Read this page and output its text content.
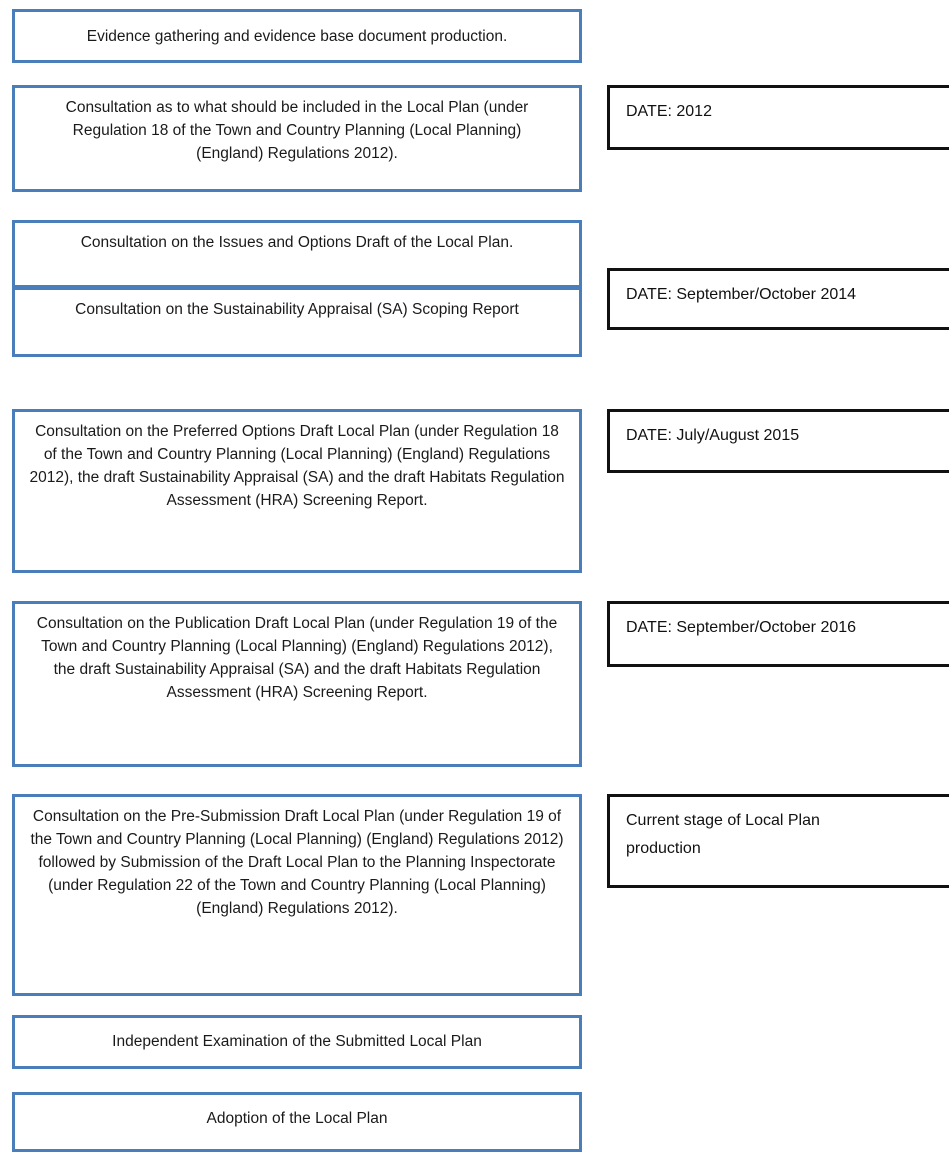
Evidence gathering and evidence base document production.
Consultation as to what should be included in the Local Plan (under Regulation 18 of the Town and Country Planning (Local Planning) (England) Regulations 2012).
Consultation on the Issues and Options Draft of the Local Plan.
Consultation on the Sustainability Appraisal (SA) Scoping Report
Consultation on the Preferred Options Draft Local Plan (under Regulation 18 of the Town and Country Planning (Local Planning) (England) Regulations 2012), the draft Sustainability Appraisal (SA) and the draft Habitats Regulation Assessment (HRA) Screening Report.
Consultation on the Publication Draft Local Plan (under Regulation 19 of the Town and Country Planning (Local Planning) (England) Regulations 2012), the draft Sustainability Appraisal (SA) and the draft Habitats Regulation Assessment (HRA) Screening Report.
Consultation on the Pre-Submission Draft Local Plan (under Regulation 19 of the Town and Country Planning (Local Planning) (England) Regulations 2012) followed by Submission of the Draft Local Plan to the Planning Inspectorate (under Regulation 22 of the Town and Country Planning (Local Planning) (England) Regulations 2012).
Independent Examination of the Submitted Local Plan
Adoption of the Local Plan
DATE: 2012
DATE: September/October 2014
DATE: July/August 2015
DATE: September/October 2016
Current stage of Local Plan production
